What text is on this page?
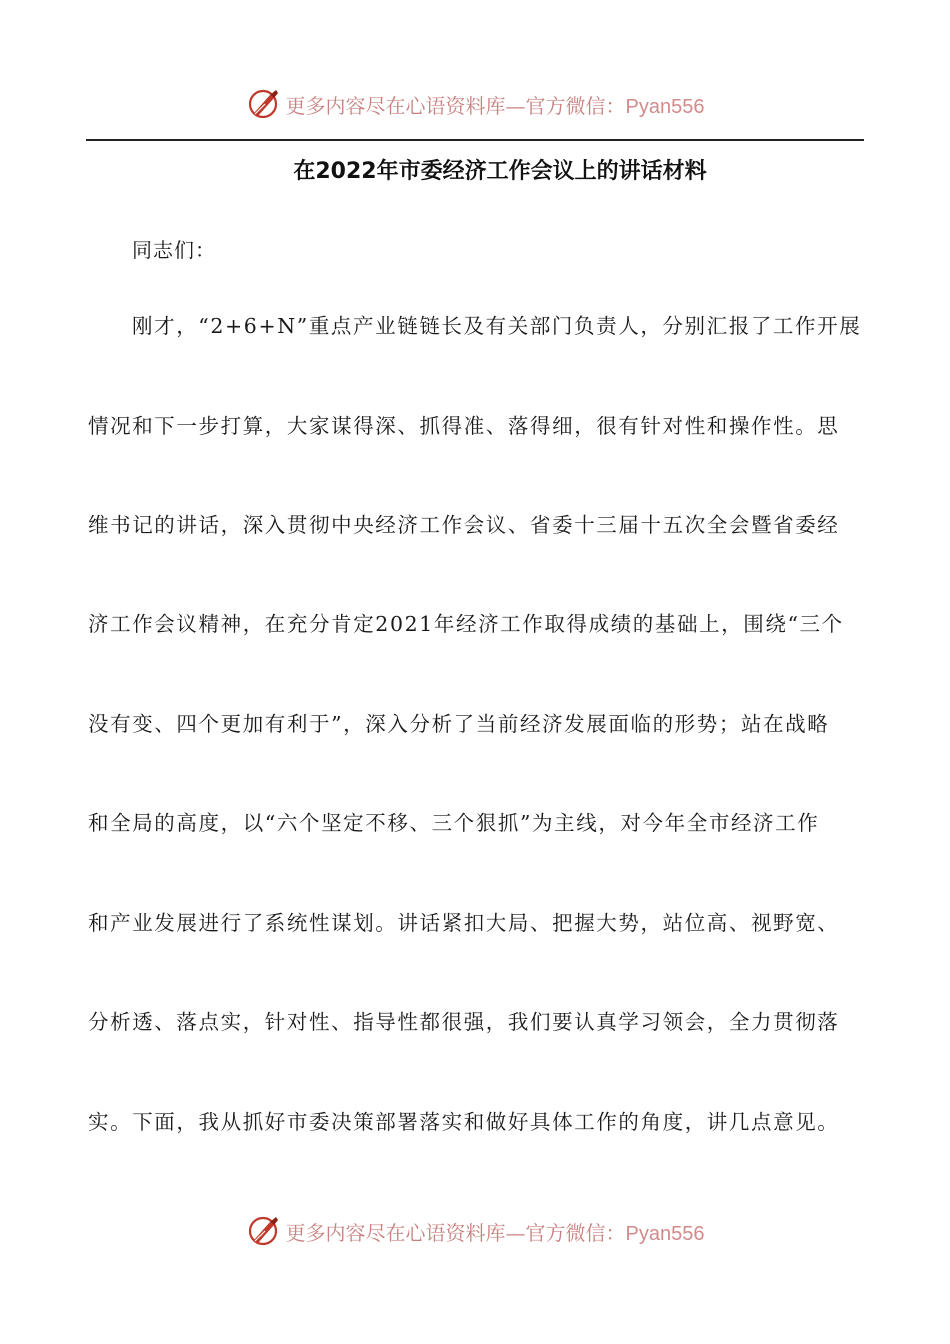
更多内容尽在心语资料库—官方微信：Pyan556
在2022年市委经济工作会议上的讲话材料
同志们：
刚才，“2+6+N”重点产业链链长及有关部门负责人，分别汇报了工作开展
情况和下一步打算，大家谋得深、抓得准、落得细，很有针对性和操作性。思
维书记的讲话，深入贯彻中央经济工作会议、省委十三届十五次全会暨省委经
济工作会议精神，在充分肯定2021年经济工作取得成绩的基础上，围绕“三个
没有变、四个更加有利于”，深入分析了当前经济发展面临的形势；站在战略
和全局的高度，以“六个坚定不移、三个狠抓”为主线，对今年全市经济工作
和产业发展进行了系统性谋划。讲话紧扣大局、把握大势，站位高、视野宽、
分析透、落点实，针对性、指导性都很强，我们要认真学习领会，全力贯彻落
实。下面，我从抓好市委决策部署落实和做好具体工作的角度，讲几点意见。
更多内容尽在心语资料库—官方微信：Pyan556
